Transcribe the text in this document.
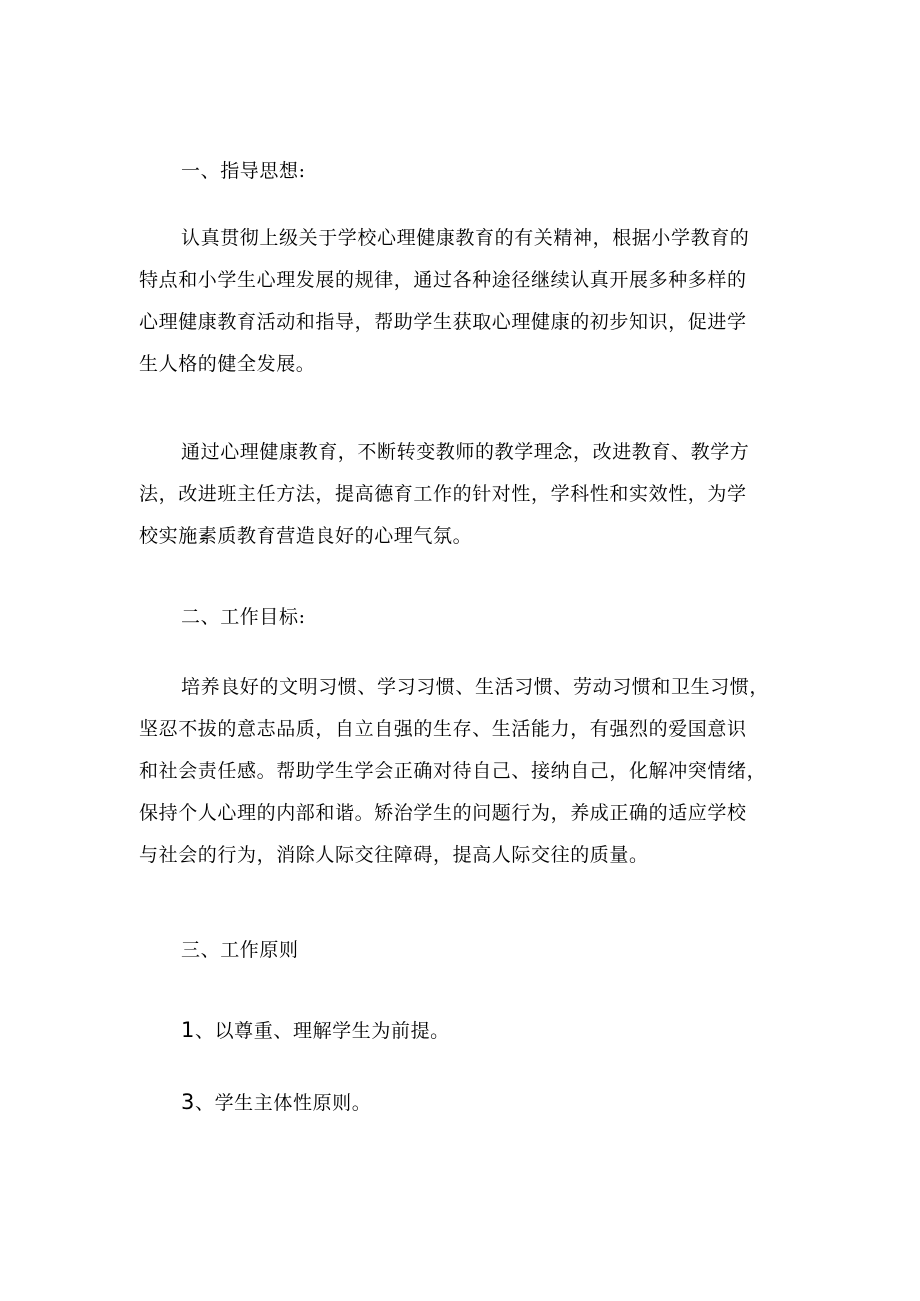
一、指导思想:

认真贯彻上级关于学校心理健康教育的有关精神，根据小学教育的
特点和小学生心理发展的规律，通过各种途径继续认真开展多种多样的
心理健康教育活动和指导，帮助学生获取心理健康的初步知识，促进学
生人格的健全发展。
通过心理健康教育，不断转变教师的教学理念，改进教育、教学方
法，改进班主任方法，提高德育工作的针对性，学科性和实效性，为学
校实施素质教育营造良好的心理气氛。

二、工作目标:

培养良好的文明习惯、学习习惯、生活习惯、劳动习惯和卫生习惯，
坚忍不拔的意志品质，自立自强的生存、生活能力，有强烈的爱国意识
和社会责任感。帮助学生学会正确对待自己、接纳自己，化解冲突情绪，
保持个人心理的内部和谐。矫治学生的问题行为，养成正确的适应学校
与社会的行为，消除人际交往障碍，提高人际交往的质量。

三、工作原则

1、以尊重、理解学生为前提。

3、学生主体性原则。
